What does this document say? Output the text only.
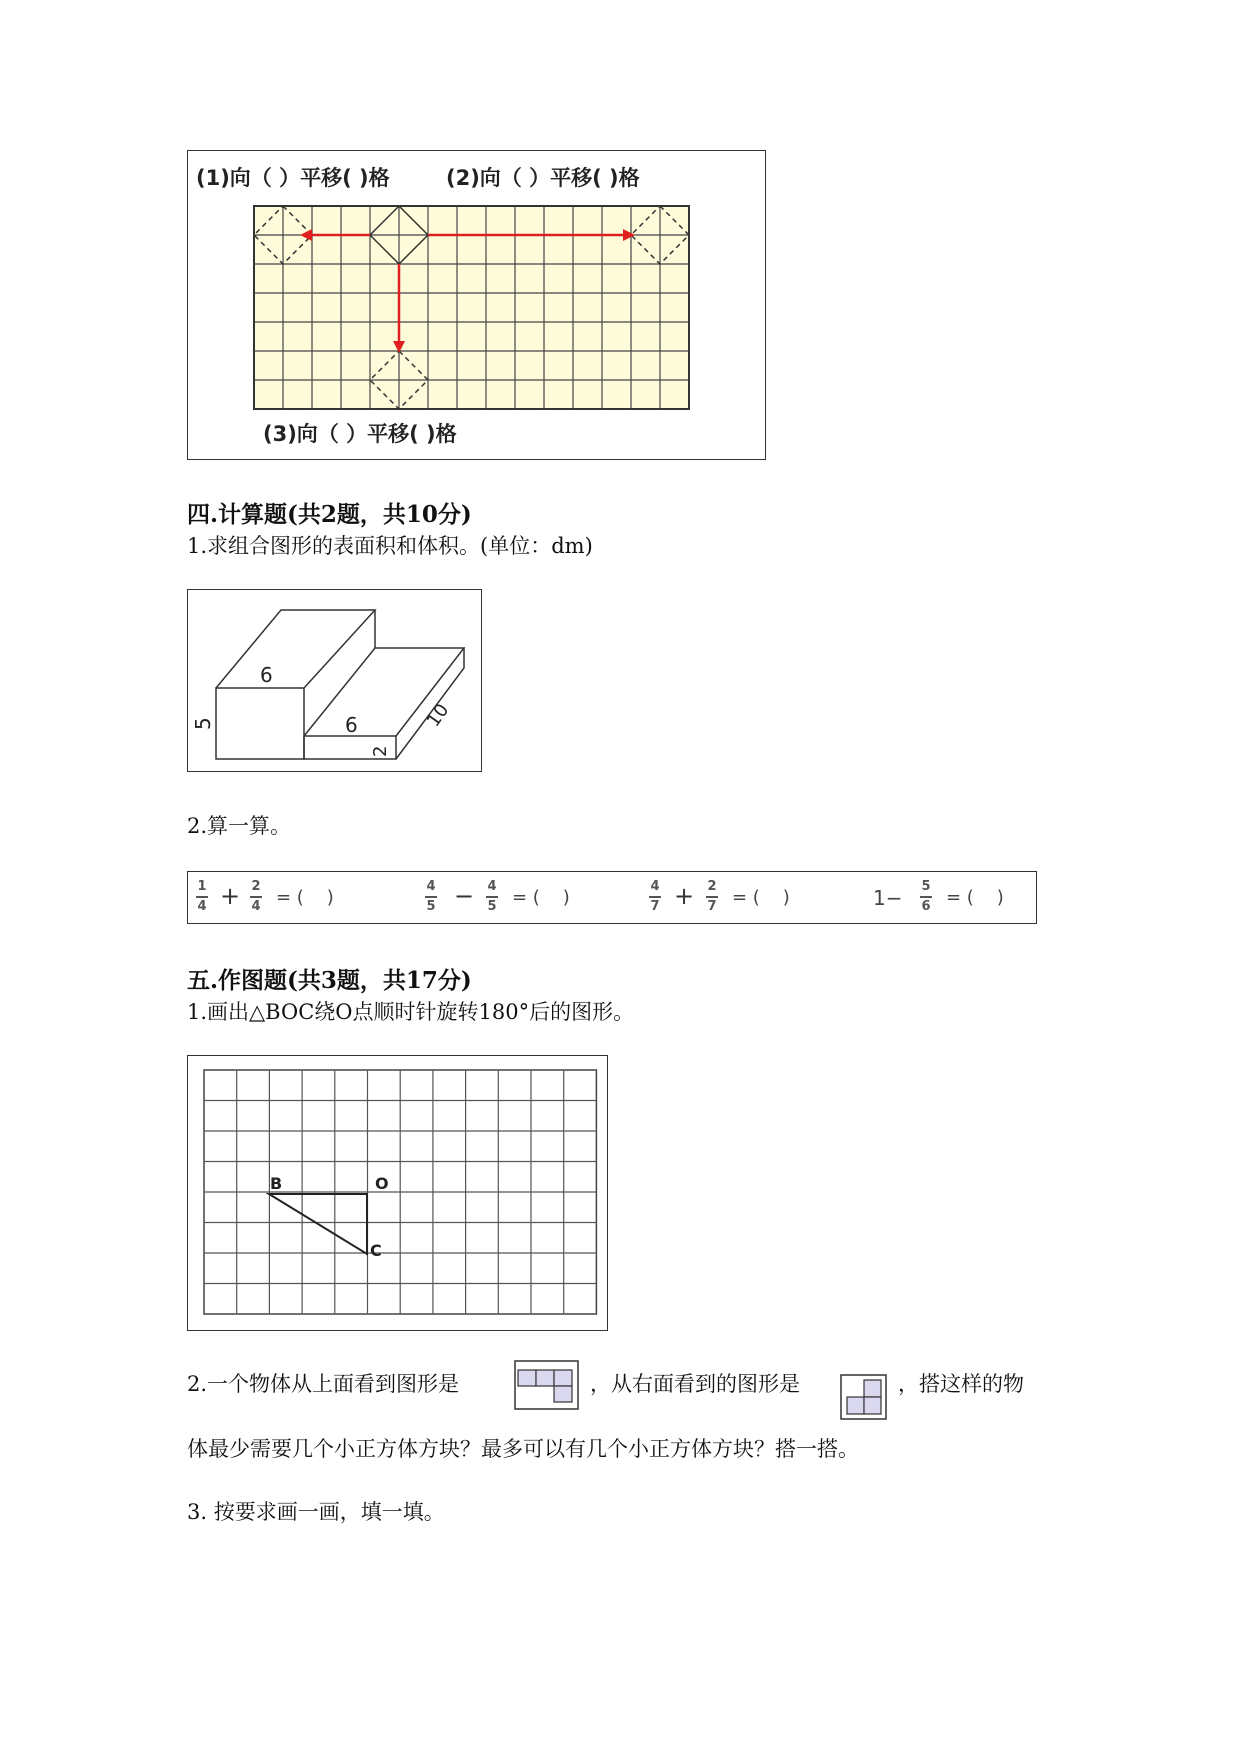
(1)向（ ）平移( )格	(2)向（ ）平移( )格
(3)向（ ）平移( )格
四.计算题(共2题，共10分)
1.求组合图形的表面积和体积。(单位：dm)
6
5	6
2
10
2.算一算。
1
4 + 2
4 = (    )
4
5 − 4
5 = (    )
4
7 + 2
7 = (    )	1− 5
6 = (    )
五.作图题(共3题，共17分)
1.画出△BOC绕O点顺时针旋转180°后的图形。
B	O
C
2.一个物体从上面看到图形是	，从右面看到的图形是	，搭这样的物
体最少需要几个小正方体方块？最多可以有几个小正方体方块？搭一搭。
3. 按要求画一画，填一填。
